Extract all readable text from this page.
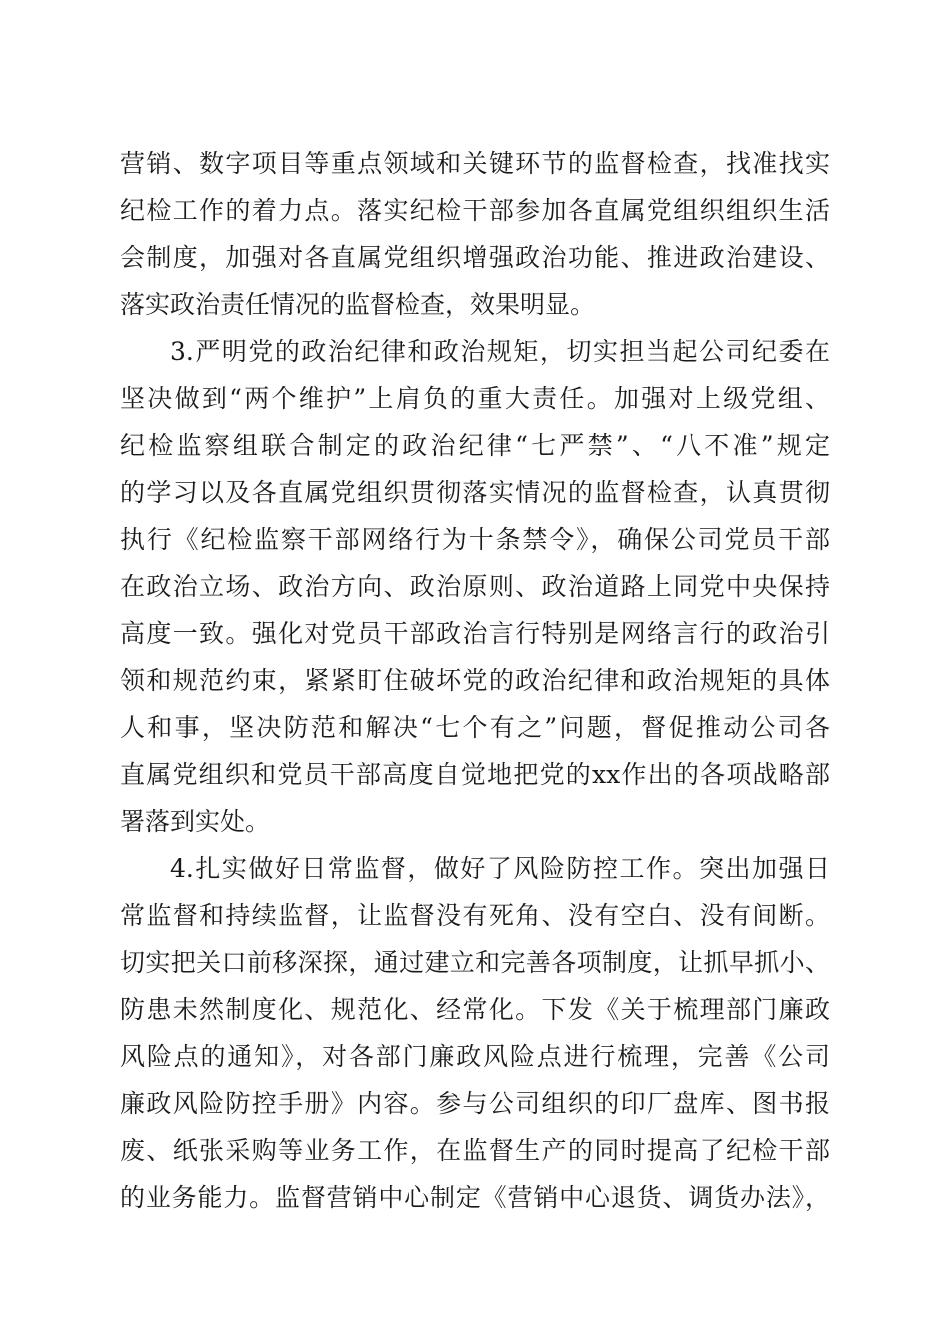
营销、数字项目等重点领域和关键环节的监督检查，找准找实
纪检工作的着力点。落实纪检干部参加各直属党组织组织生活
会制度，加强对各直属党组织增强政治功能、推进政治建设、
落实政治责任情况的监督检查，效果明显。
3.严明党的政治纪律和政治规矩，切实担当起公司纪委在
坚决做到“两个维护”上肩负的重大责任。加强对上级党组、
纪检监察组联合制定的政治纪律“七严禁”、“八不准”规定
的学习以及各直属党组织贯彻落实情况的监督检查，认真贯彻
执行《纪检监察干部网络行为十条禁令》，确保公司党员干部
在政治立场、政治方向、政治原则、政治道路上同党中央保持
高度一致。强化对党员干部政治言行特别是网络言行的政治引
领和规范约束，紧紧盯住破坏党的政治纪律和政治规矩的具体
人和事，坚决防范和解决“七个有之”问题，督促推动公司各
直属党组织和党员干部高度自觉地把党的xx作出的各项战略部
署落到实处。
4.扎实做好日常监督，做好了风险防控工作。突出加强日
常监督和持续监督，让监督没有死角、没有空白、没有间断。
切实把关口前移深探，通过建立和完善各项制度，让抓早抓小、
防患未然制度化、规范化、经常化。下发《关于梳理部门廉政
风险点的通知》，对各部门廉政风险点进行梳理，完善《公司
廉政风险防控手册》内容。参与公司组织的印厂盘库、图书报
废、纸张采购等业务工作，在监督生产的同时提高了纪检干部
的业务能力。监督营销中心制定《营销中心退货、调货办法》，
